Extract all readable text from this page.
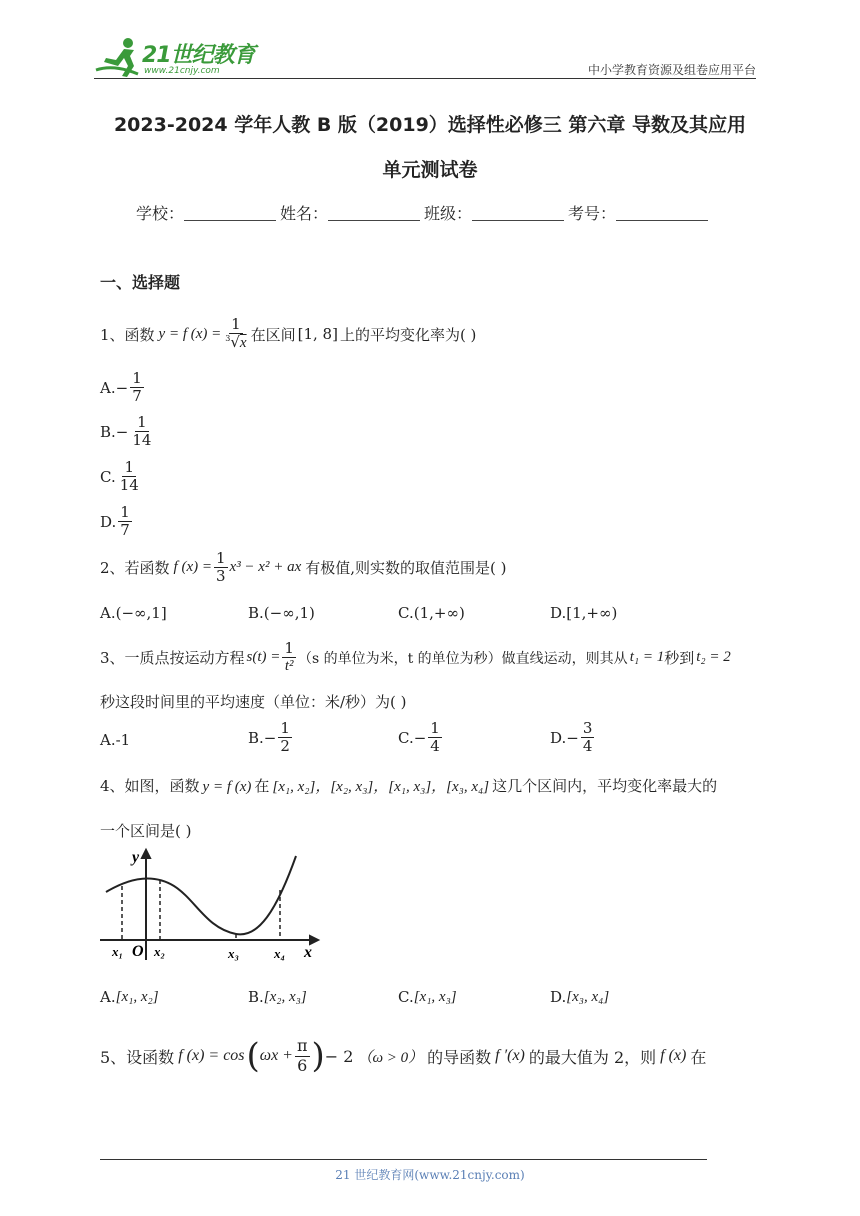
21世纪教育
www.21cnjy.com	中小学教育资源及组卷应用平台
2023-2024 学年人教 B 版（2019）选择性必修三 第六章 导数及其应用
单元测试卷
学校：	姓名：	班级：	考号：
一、选择题
1、函数 y = f $(x) = \frac{1}{^3√x}$ 在区间 [1, 8] 上的平均变化率为( )
A. − $\frac{1}{7}$
B. − $\frac{1}{14}$
C. $\frac{1}{14}$
D. $\frac{1}{7}$
2、若函数 f $(x) = \frac{1}{3} x^3 - x^2$ + ax 有极值,则实数的取值范围是( )
A. (−∞,1]	B. (−∞,1)	C. (1,+∞)	D. [1,+∞)
3、一质点按运动方程 $s(t) = \frac{1}{\text{t²}} (s$ 的单位为米，t 的单位为秒）做直线运动，则其从 t₁ = 1 秒到 t₂ = 2
秒这段时间里的平均速度（单位：米/秒）为( )
A. -1	B. − $\frac{1}{2}$	C. − $\frac{1}{4}$	D. − $\frac{3}{4}$
4、如图，函数 y = f (x) 在 [x₁, x₂]，[x₂, x₃]，[x₁, x₃]，[x₃, x₄] 这几个区间内，平均变化率最大的
一个区间是( )
y
x
O
x₁ x₂	x₃	x₄
A. [x₁, x₂]	B. [x₂, x₃]	C. [x₁, x₃]	D. [x₃, x₄]
5、设函数 f (x) = cos ( $\omega x + \frac{\pi}{6}$ ) − 2 （ω > 0） 的导函数 f ′(x) 的最大值为 2，则 f (x) 在
21 世纪教育网(www.21cnjy.com)
